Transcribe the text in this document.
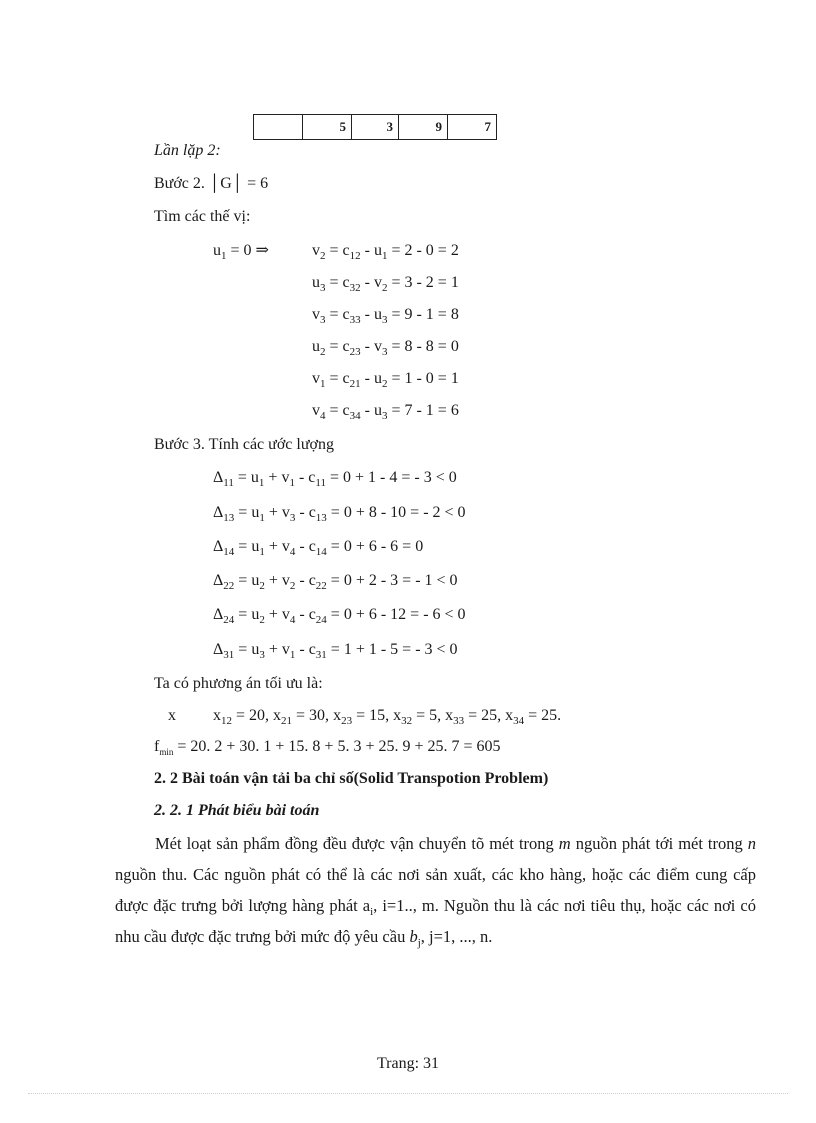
	5	3	9	7
Lần lặp 2:
Bước 2. │G│ = 6
Tìm các thế vị:
$u_1 = 0$ ⇒	$v_2 = c_{12} - u_1 = 2 - 0 = 2$
$u_3 = c_{32} - v_2 = 3 - 2 = 1$
$v_3 = c_{33} - u_3 = 9 - 1 = 8$
$u_2 = c_{23} - v_3 = 8 - 8 = 0$
$v_1 = c_{21} - u_2 = 1 - 0 = 1$
$v_4 = c_{34} - u_3 = 7 - 1 = 6$
Bước 3. Tính các ước lượng
$\Delta_{11} = u_1 + v_1 - c_{11} = 0 + 1 - 4$ = - 3 < 0
$\Delta_{13} = u_1 + v_3 - c_{13} = 0 + 8 - 10$ = - 2 < 0
$\Delta_{14} = u_1 + v_4 - c_{14} = 0 + 6 - 6 = 0$
$\Delta_{22} = u_2 + v_2 - c_{22} = 0 + 2 - 3$ = - 1 < 0
$\Delta_{24} = u_2 + v_4 - c_{24} = 0 + 6 - 12$ = - 6 < 0
$\Delta_{31} = u_3 + v_1 - c_{31} = 1 + 1 - 5$ = - 3 < 0
Ta có phương án tối ưu là:
x $x_{12} = 20$, $x_{21} = 30$, $x_{23} = 15$, $x_{32} = 5$, $x_{33} = 25$, $x_{34} = 25$.
$f_{min} = 20$. 2 + 30. 1 + 15. 8 + 5. 3 + 25. 9 + 25. 7 = 605
2. 2 Bài toán vận tải ba chỉ số(Solid Transpotion Problem)
2. 2. 1 Phát biểu bài toán
Mét loạt sản phẩm đồng đều được vận chuyển tõ mét trong m nguồn phát tới mét trong n nguồn thu. Các nguồn phát có thể là các nơi sản xuất, các kho hàng, hoặc các điểm cung cấp được đặc trưng bởi lượng hàng phát $a_i$, i=1.., m. Nguồn thu là các nơi tiêu thụ, hoặc các nơi có nhu cầu được đặc trưng bởi mức độ yêu cầu $b_j$, j=1, ..., n.
Trang: 31
